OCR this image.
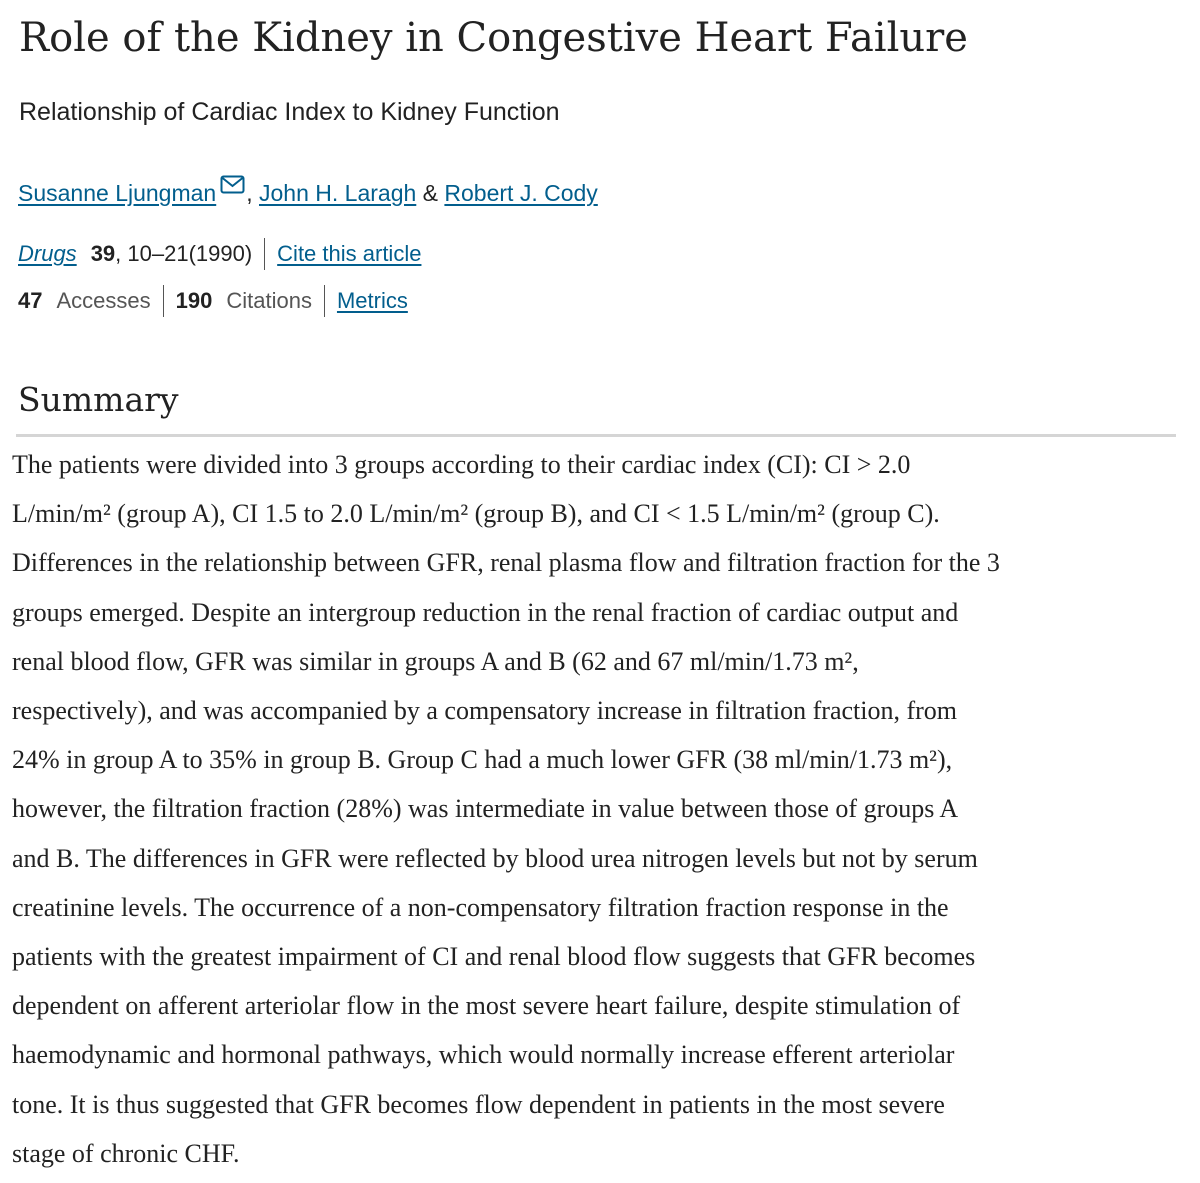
Role of the Kidney in Congestive Heart Failure

Relationship of Cardiac Index to Kidney Function

Susanne Ljungman , John H. Laragh & Robert J. Cody
Drugs 39 , 10–21(1990) Cite this article
47 Accesses 190 Citations Metrics
Summary

The patients were divided into 3 groups according to their cardiac index (CI): CI > 2.0
L/min/m² (group A), CI 1.5 to 2.0 L/min/m² (group B), and CI < 1.5 L/min/m² (group C).
Differences in the relationship between GFR, renal plasma flow and filtration fraction for the 3
groups emerged. Despite an intergroup reduction in the renal fraction of cardiac output and
renal blood flow, GFR was similar in groups A and B (62 and 67 ml/min/1.73 m²,
respectively), and was accompanied by a compensatory increase in filtration fraction, from
24% in group A to 35% in group B. Group C had a much lower GFR (38 ml/min/1.73 m²),
however, the filtration fraction (28%) was intermediate in value between those of groups A
and B. The differences in GFR were reflected by blood urea nitrogen levels but not by serum
creatinine levels. The occurrence of a non-compensatory filtration fraction response in the
patients with the greatest impairment of CI and renal blood flow suggests that GFR becomes
dependent on afferent arteriolar flow in the most severe heart failure, despite stimulation of
haemodynamic and hormonal pathways, which would normally increase efferent arteriolar
tone. It is thus suggested that GFR becomes flow dependent in patients in the most severe
stage of chronic CHF.
